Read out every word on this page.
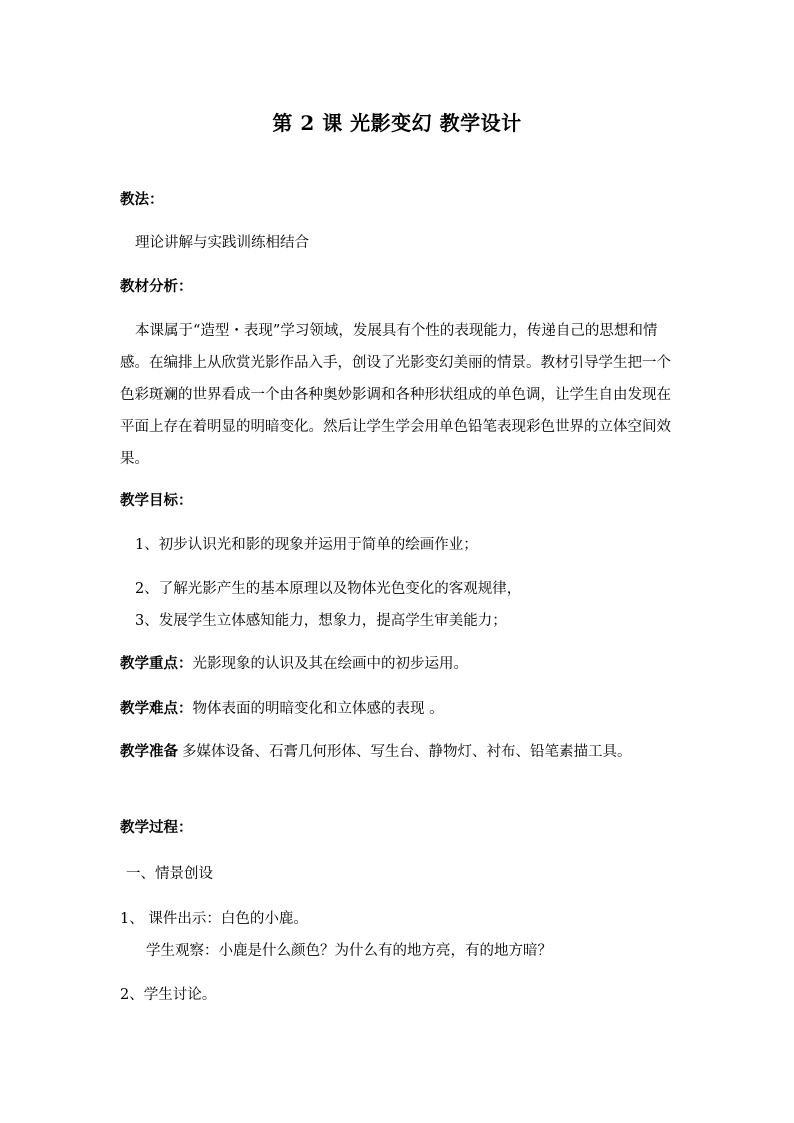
第 2 课 光影变幻 教学设计
教法：
理论讲解与实践训练相结合
教材分析：
本课属于“造型・表现”学习领域，发展具有个性的表现能力，传递自己的思想和情感。在编排上从欣赏光影作品入手，创设了光影变幻美丽的情景。教材引导学生把一个色彩斑斓的世界看成一个由各种奥妙影调和各种形状组成的单色调，让学生自由发现在平面上存在着明显的明暗变化。然后让学生学会用单色铅笔表现彩色世界的立体空间效果。
教学目标：
1、初步认识光和影的现象并运用于简单的绘画作业；
2、了解光影产生的基本原理以及物体光色变化的客观规律，
3、发展学生立体感知能力，想象力，提高学生审美能力；
教学重点：光影现象的认识及其在绘画中的初步运用。
教学难点：物体表面的明暗变化和立体感的表现 。
教学准备 多媒体设备、石膏几何形体、写生台、静物灯、衬布、铅笔素描工具。
教学过程：
一、情景创设
1、 课件出示：白色的小鹿。
学生观察：小鹿是什么颜色？为什么有的地方亮，有的地方暗？
2、学生讨论。
